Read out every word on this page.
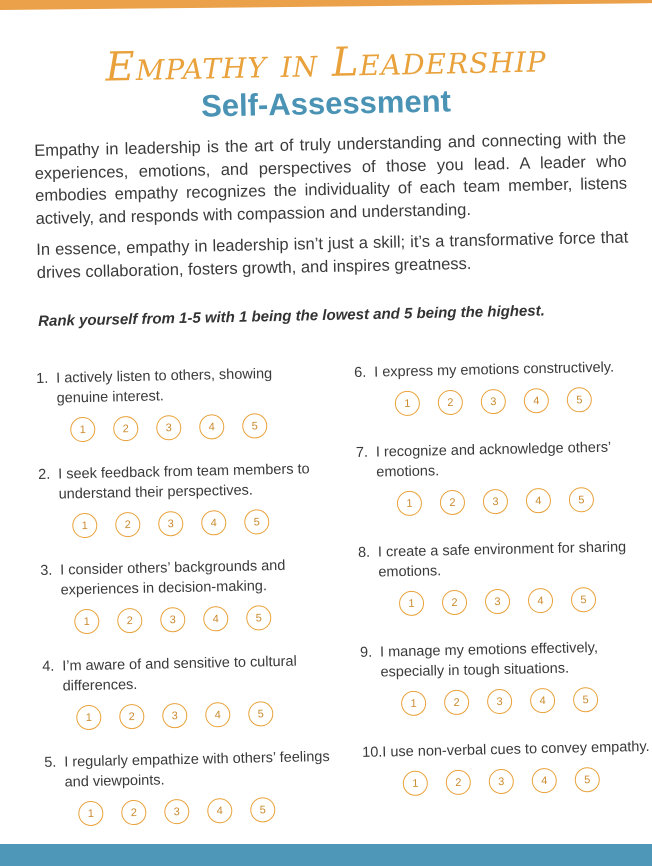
Empathy in Leadership
Self-Assessment

Empathy in leadership is the art of truly understanding and connecting with the experiences, emotions, and perspectives of those you lead. A leader who embodies empathy recognizes the individuality of each team member, listens actively, and responds with compassion and understanding.

In essence, empathy in leadership isn’t just a skill; it’s a transformative force that drives collaboration, fosters growth, and inspires greatness.

Rank yourself from 1-5 with 1 being the lowest and 5 being the highest.
1. I actively listen to others, showing genuine interest.
1	2	3	4	5
2. I seek feedback from team members to understand their perspectives.
1	2	3	4	5
3. I consider others’ backgrounds and experiences in decision-making.
1	2	3	4	5
4. I’m aware of and sensitive to cultural differences.
1	2	3	4	5
5. I regularly empathize with others’ feelings and viewpoints.
1	2	3	4	5
6. I express my emotions constructively.
1	2	3	4	5
7. I recognize and acknowledge others’ emotions.
1	2	3	4	5
8. I create a safe environment for sharing emotions.
1	2	3	4	5
9. I manage my emotions effectively, especially in tough situations.
1	2	3	4	5
10. I use non-verbal cues to convey empathy.
1	2	3	4	5
